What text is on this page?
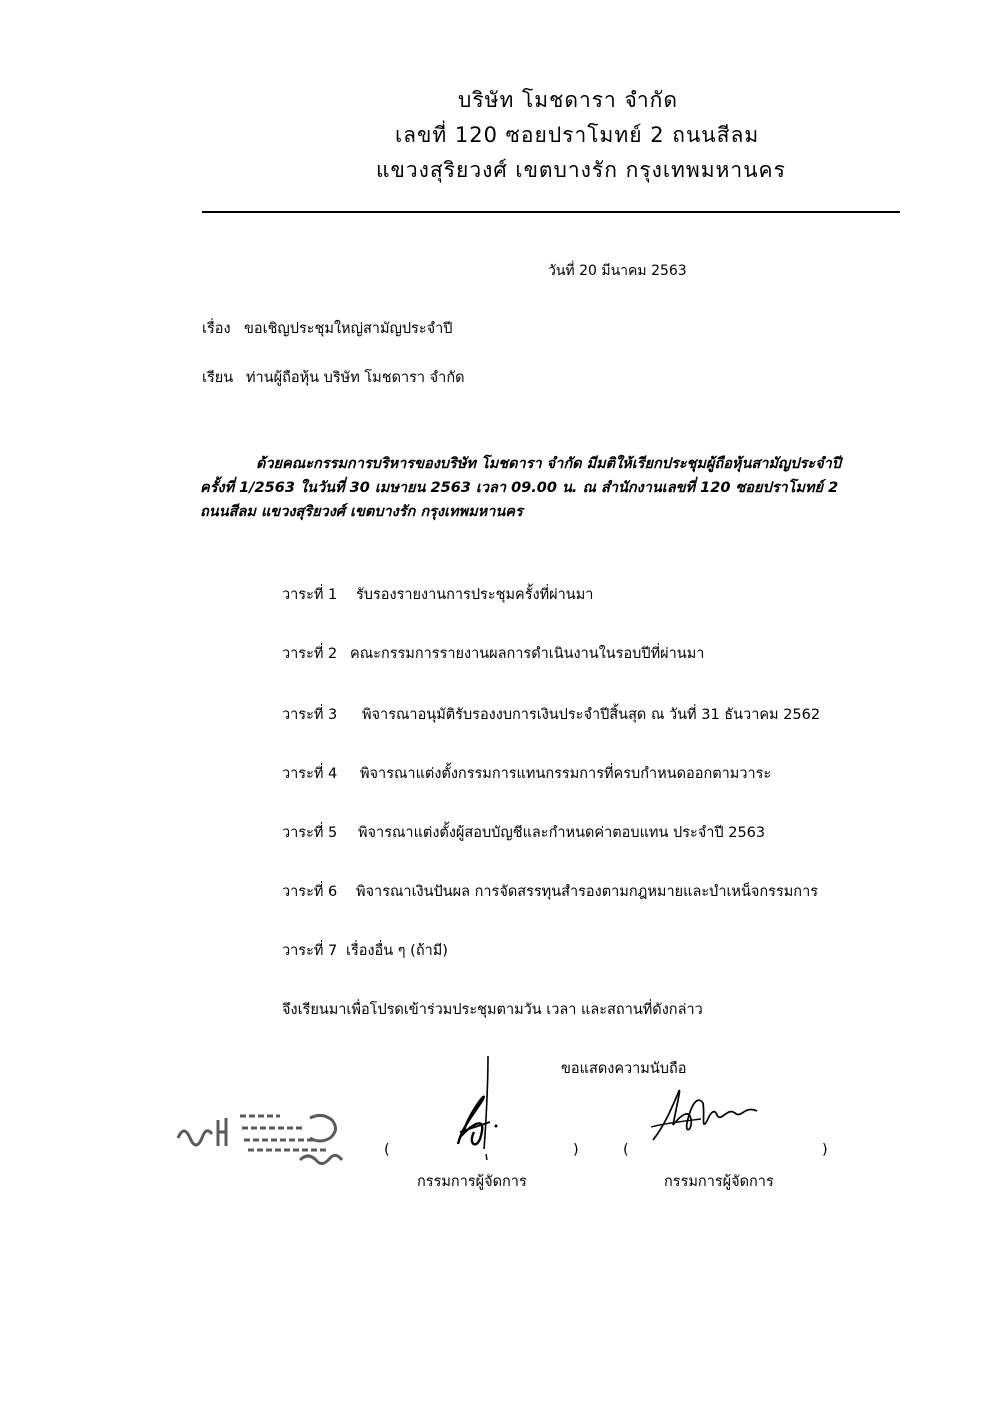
บริษัท โมชดารา จำกัด
เลขที่ 120 ซอยปราโมทย์ 2 ถนนสีลม
แขวงสุริยวงศ์ เขตบางรัก กรุงเทพมหานคร
วันที่ 20 มีนาคม 2563
เรื่อง ขอเชิญประชุมใหญ่สามัญประจำปี
เรียน ท่านผู้ถือหุ้น บริษัท โมชดารา จำกัด
ด้วยคณะกรรมการบริหารของบริษัท โมชดารา จำกัด มีมติให้เรียกประชุมผู้ถือหุ้นสามัญประจำปี ครั้งที่ 1/2563 ในวันที่ 30 เมษายน 2563 เวลา 09.00 น. ณ สำนักงานเลขที่ 120 ซอยปราโมทย์ 2 ถนนสีลม แขวงสุริยวงศ์ เขตบางรัก กรุงเทพมหานคร
วาระที่ 1 รับรองรายงานการประชุมครั้งที่ผ่านมา
วาระที่ 2 คณะกรรมการรายงานผลการดำเนินงานในรอบปีที่ผ่านมา
วาระที่ 3 พิจารณาอนุมัติรับรองงบการเงินประจำปีสิ้นสุด ณ วันที่ 31 ธันวาคม 2562
วาระที่ 4 พิจารณาแต่งตั้งกรรมการแทนกรรมการที่ครบกำหนดออกตามวาระ
วาระที่ 5 พิจารณาแต่งตั้งผู้สอบบัญชีและกำหนดค่าตอบแทน ประจำปี 2563
วาระที่ 6 พิจารณาเงินปันผล การจัดสรรทุนสำรองตามกฎหมายและบำเหน็จกรรมการ
วาระที่ 7 เรื่องอื่น ๆ (ถ้ามี)
จึงเรียนมาเพื่อโปรดเข้าร่วมประชุมตามวัน เวลา และสถานที่ดังกล่าว
ขอแสดงความนับถือ
(	)
กรรมการผู้จัดการ
(	)
กรรมการผู้จัดการ
